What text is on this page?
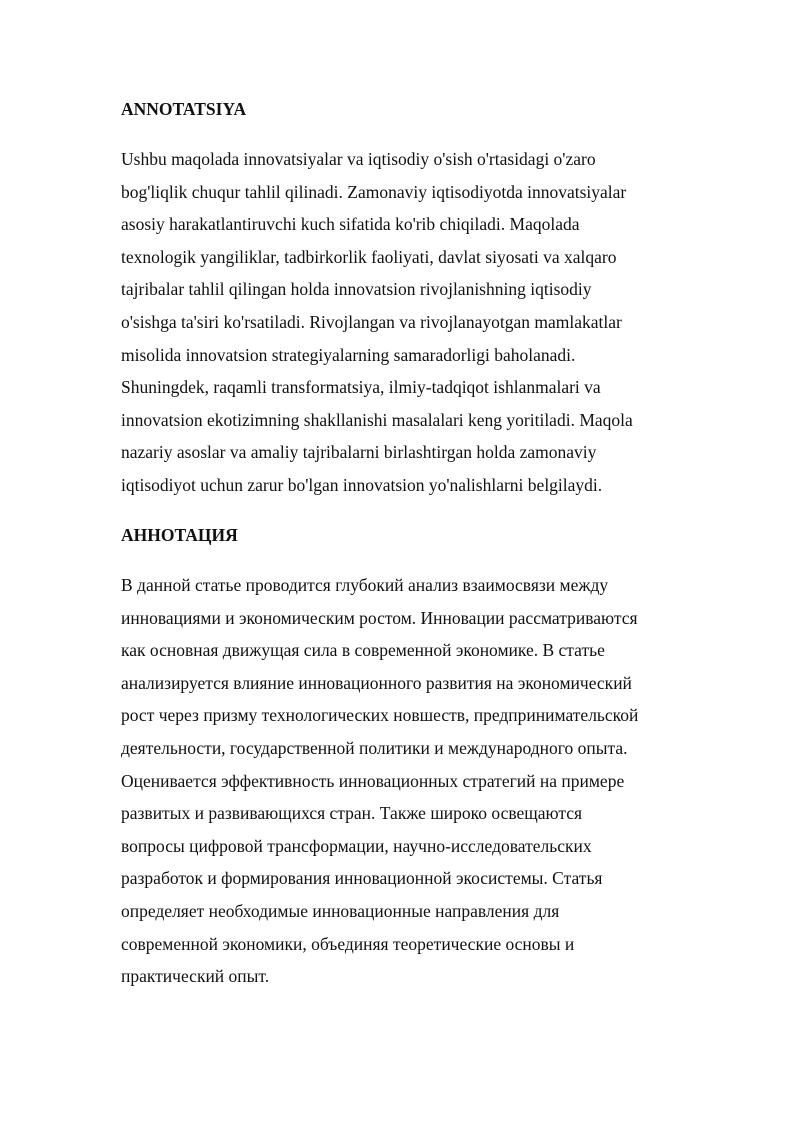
ANNOTATSIYA
Ushbu maqolada innovatsiyalar va iqtisodiy o'sish o'rtasidagi o'zaro
bog'liqlik chuqur tahlil qilinadi. Zamonaviy iqtisodiyotda innovatsiyalar
asosiy harakatlantiruvchi kuch sifatida ko'rib chiqiladi. Maqolada
texnologik yangiliklar, tadbirkorlik faoliyati, davlat siyosati va xalqaro
tajribalar tahlil qilingan holda innovatsion rivojlanishning iqtisodiy
o'sishga ta'siri ko'rsatiladi. Rivojlangan va rivojlanayotgan mamlakatlar
misolida innovatsion strategiyalarning samaradorligi baholanadi.
Shuningdek, raqamli transformatsiya, ilmiy-tadqiqot ishlanmalari va
innovatsion ekotizimning shakllanishi masalalari keng yoritiladi. Maqola
nazariy asoslar va amaliy tajribalarni birlashtirgan holda zamonaviy
iqtisodiyot uchun zarur bo'lgan innovatsion yo'nalishlarni belgilaydi.
АННОТАЦИЯ
В данной статье проводится глубокий анализ взаимосвязи между
инновациями и экономическим ростом. Инновации рассматриваются
как основная движущая сила в современной экономике. В статье
анализируется влияние инновационного развития на экономический
рост через призму технологических новшеств, предпринимательской
деятельности, государственной политики и международного опыта.
Оценивается эффективность инновационных стратегий на примере
развитых и развивающихся стран. Также широко освещаются
вопросы цифровой трансформации, научно-исследовательских
разработок и формирования инновационной экосистемы. Статья
определяет необходимые инновационные направления для
современной экономики, объединяя теоретические основы и
практический опыт.
